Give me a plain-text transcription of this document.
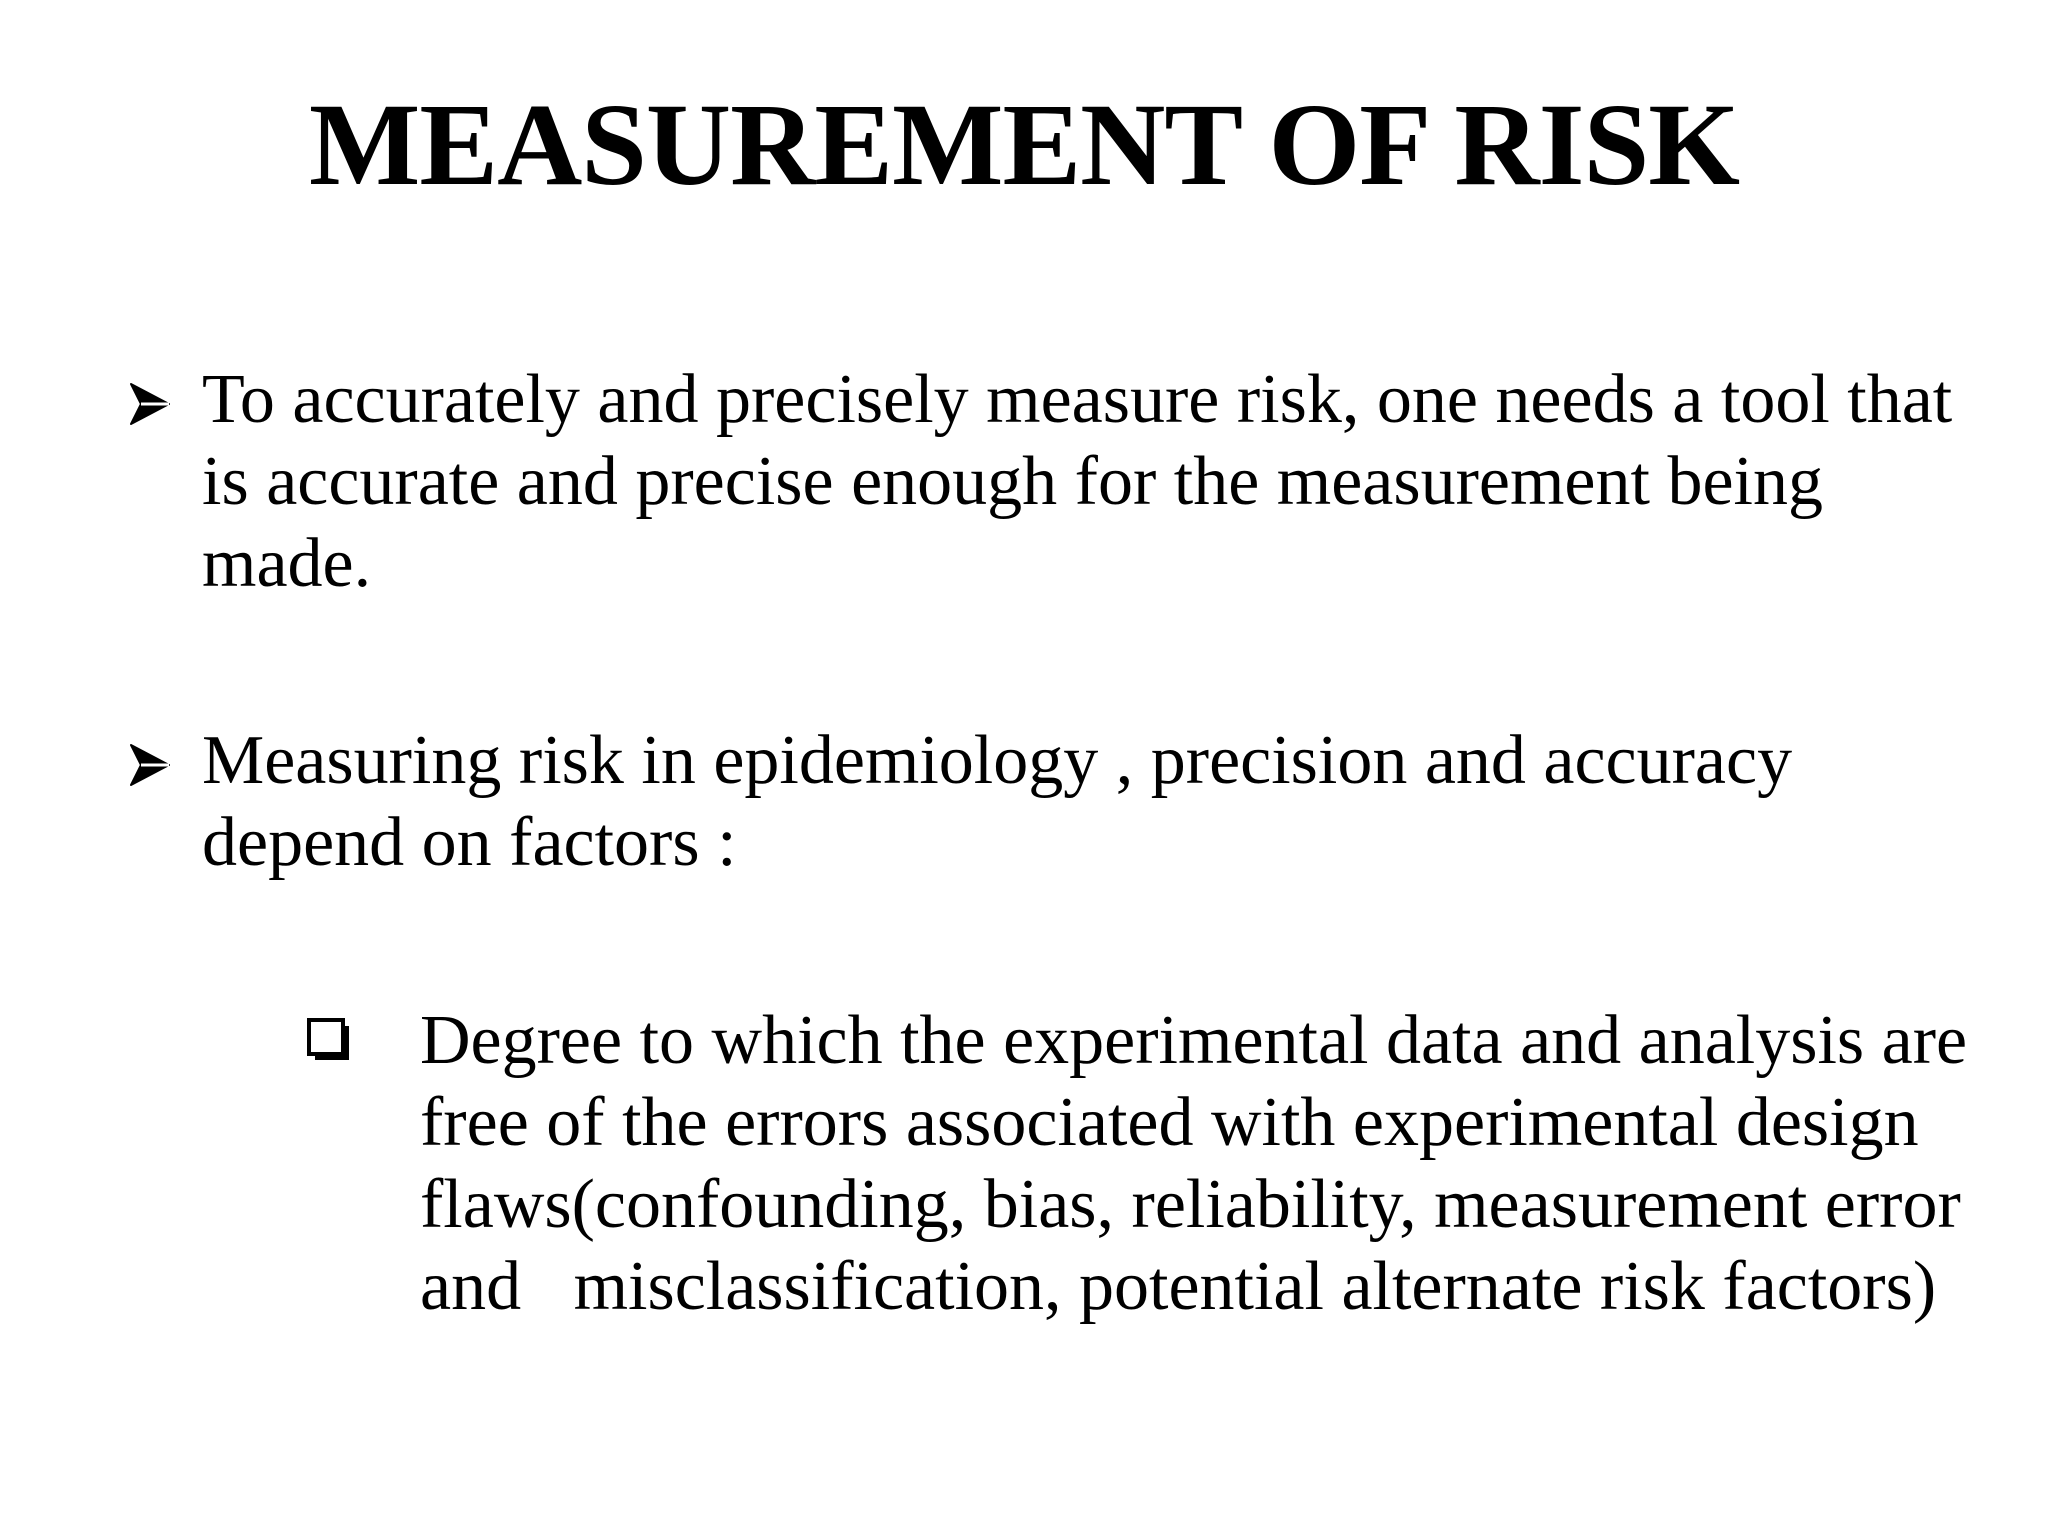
MEASUREMENT OF RISK
To accurately and precisely measure risk, one needs a tool that
is accurate and precise enough for the measurement being
made.
Measuring risk in epidemiology , precision and accuracy
depend on factors :
Degree to which the experimental data and analysis are
free of the errors associated with experimental design
flaws(confounding, bias, reliability, measurement error
and   misclassification, potential alternate risk factors)
